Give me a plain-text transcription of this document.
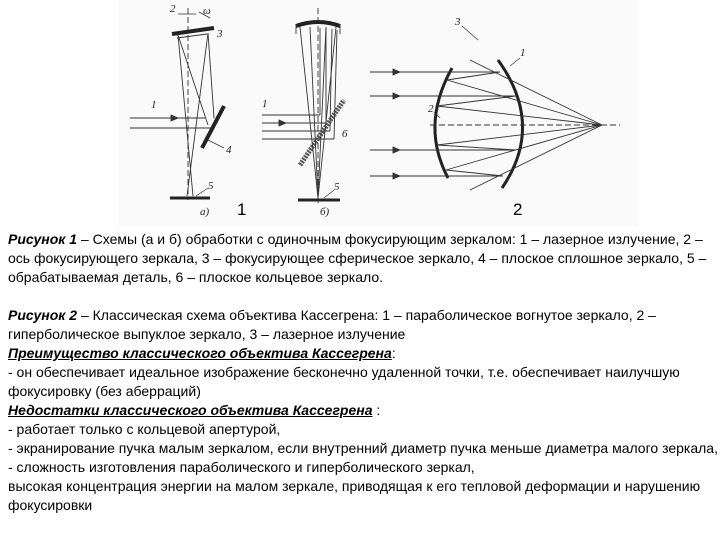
2	ω
3
1
4
5
а) 1
1
6
5
б)
3
1
2
2

Рисунок 1 – Схемы (а и б) обработки с одиночным фокусирующим зеркалом: 1 – лазерное излучение, 2 – ось фокусирующего зеркала, 3 – фокусирующее сферическое зеркало, 4 – плоское сплошное зеркало, 5 – обрабатываемая деталь, 6 – плоское кольцевое зеркало.

Рисунок 2 – Классическая схема объектива Кассегрена: 1 – параболическое вогнутое зеркало, 2 – гиперболическое выпуклое зеркало, 3 – лазерное излучение

Преимущество классического объектива Кассегрена:

- он обеспечивает идеальное изображение бесконечно удаленной точки, т.е. обеспечивает наилучшую фокусировку (без аберраций)

Недостатки классического объектива Кассегрена :

- работает только с кольцевой апертурой,

- экранирование пучка малым зеркалом, если внутренний диаметр пучка меньше диаметра малого зеркала,

- сложность изготовления параболического и гиперболического зеркал,

высокая концентрация энергии на малом зеркале, приводящая к его тепловой деформации и нарушению фокусировки
